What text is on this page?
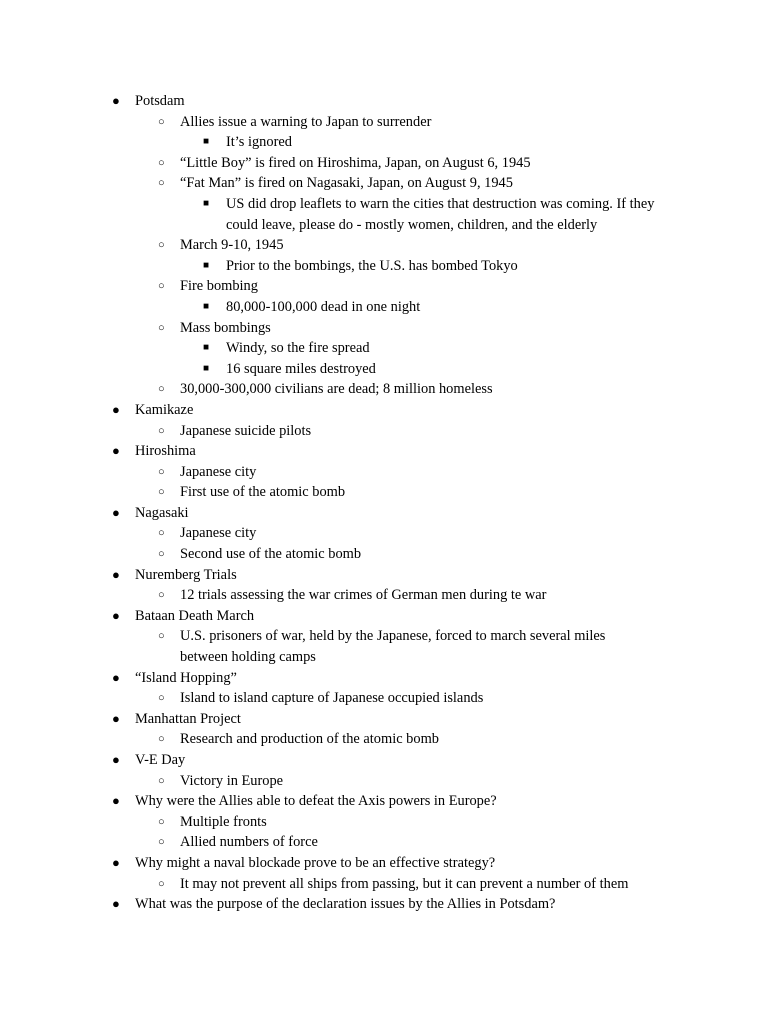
● Potsdam
○ Allies issue a warning to Japan to surrender
■ It’s ignored
○ “Little Boy” is fired on Hiroshima, Japan, on August 6, 1945
○ “Fat Man” is fired on Nagasaki, Japan, on August 9, 1945
■ US did drop leaflets to warn the cities that destruction was coming. If they
could leave, please do - mostly women, children, and the elderly
○ March 9-10, 1945
■ Prior to the bombings, the U.S. has bombed Tokyo
○ Fire bombing
■ 80,000-100,000 dead in one night
○ Mass bombings
■ Windy, so the fire spread
■ 16 square miles destroyed
○ 30,000-300,000 civilians are dead; 8 million homeless
● Kamikaze
○ Japanese suicide pilots
● Hiroshima
○ Japanese city
○ First use of the atomic bomb
● Nagasaki
○ Japanese city
○ Second use of the atomic bomb
● Nuremberg Trials
○ 12 trials assessing the war crimes of German men during te war
● Bataan Death March
○ U.S. prisoners of war, held by the Japanese, forced to march several miles
between holding camps
● “Island Hopping”
○ Island to island capture of Japanese occupied islands
● Manhattan Project
○ Research and production of the atomic bomb
● V-E Day
○ Victory in Europe
● Why were the Allies able to defeat the Axis powers in Europe?
○ Multiple fronts
○ Allied numbers of force
● Why might a naval blockade prove to be an effective strategy?
○ It may not prevent all ships from passing, but it can prevent a number of them
● What was the purpose of the declaration issues by the Allies in Potsdam?
